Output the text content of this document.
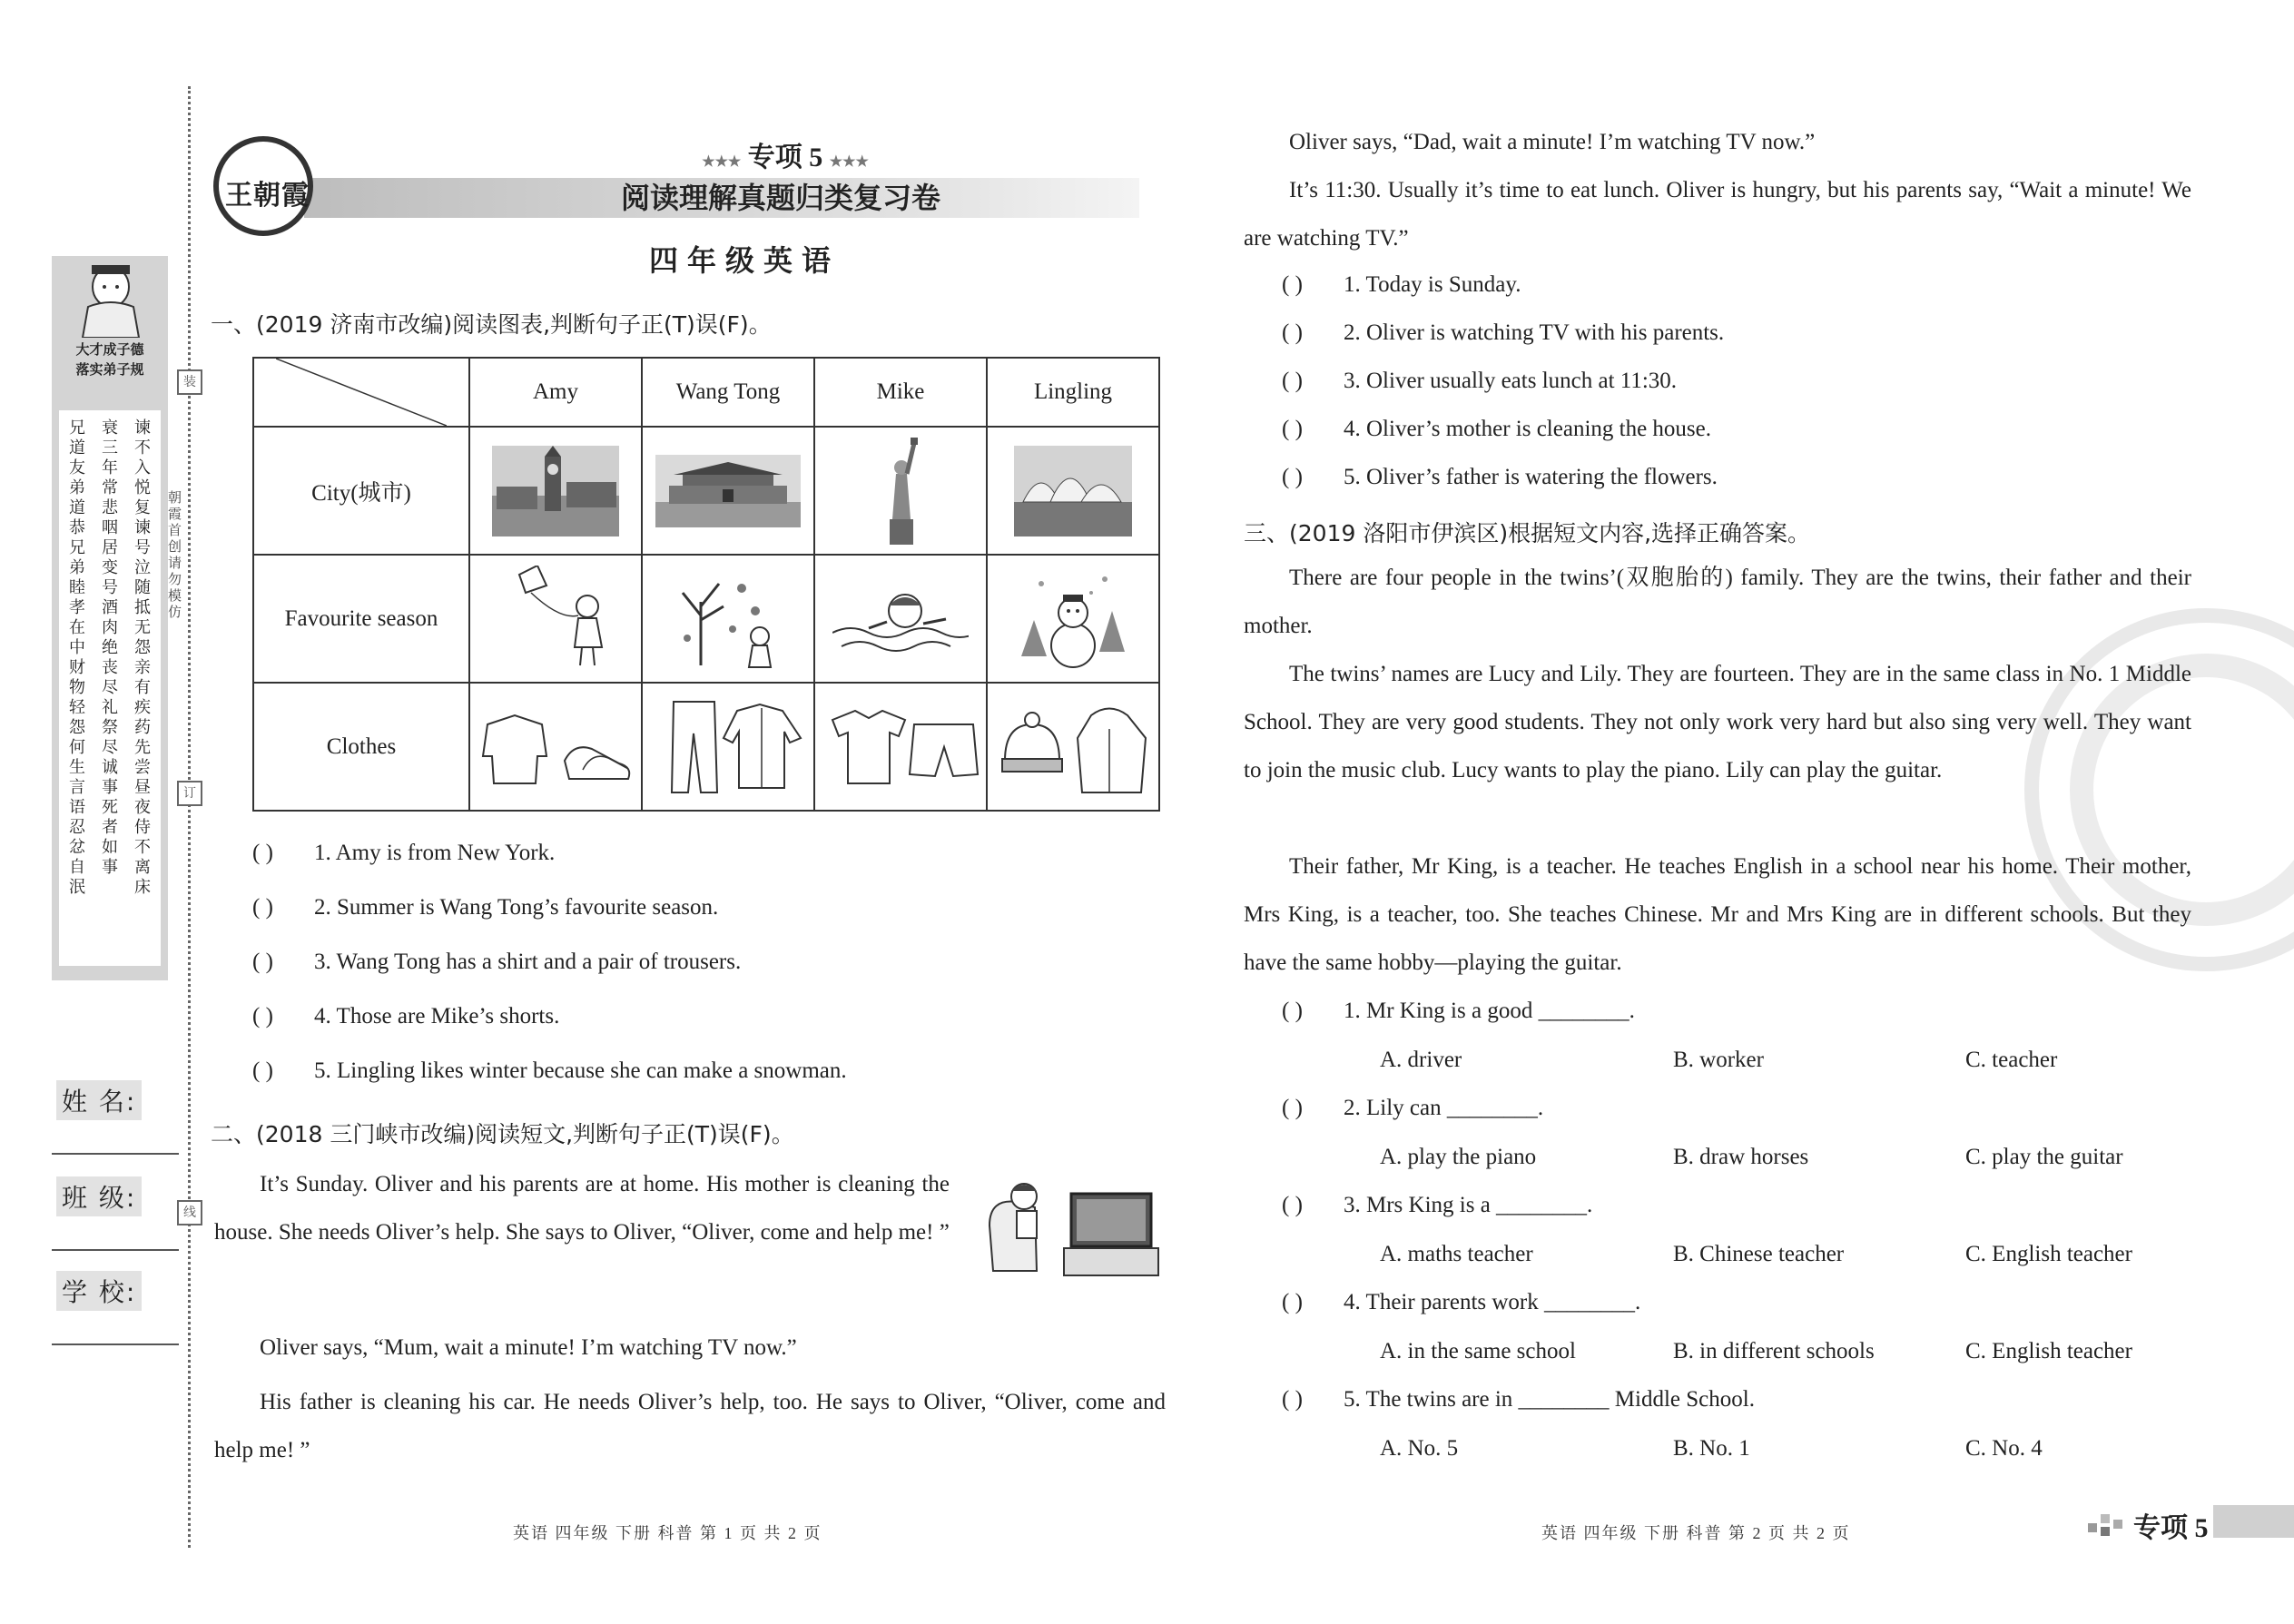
装
订
线
大才成子德
落实弟子规
兄道友弟道恭兄弟睦孝在中财物轻怨何生言语忍忿自泯
衰三年常悲咽居变号酒肉绝丧尽礼祭尽诚事死者如事
谏不入悦复谏号泣随抵无怨亲有疾药先尝昼夜侍不离床
朝霞首创 请勿模仿
姓 名:
班 级:
学 校:
王朝霞
★★★ 专项 5 ★★★
阅读理解真题归类复习卷
四年级英语
一、(2019 济南市改编)阅读图表,判断句子正(T)误(F)。
	Amy	Wang Tong	Mike	Lingling
City(城市)	

Favourite season	

Clothes	

( ) 1. Amy is from New York.
( ) 2. Summer is Wang Tong’s favourite season.
( ) 3. Wang Tong has a shirt and a pair of trousers.
( ) 4. Those are Mike’s shorts.
( ) 5. Lingling likes winter because she can make a snowman.
二、(2018 三门峡市改编)阅读短文,判断句子正(T)误(F)。
It’s Sunday. Oliver and his parents are at home. His mother is cleaning the house. She needs Oliver’s help. She says to Oliver, “Oliver, come and help me! ”
Oliver says, “Mum, wait a minute! I’m watching TV now.”
His father is cleaning his car. He needs Oliver’s help, too. He says to Oliver, “Oliver, come and help me! ”
英语 四年级 下册 科普 第 1 页 共 2 页
Oliver says, “Dad, wait a minute! I’m watching TV now.”
It’s 11:30. Usually it’s time to eat lunch. Oliver is hungry, but his parents say, “Wait a minute! We are watching TV.”
( ) 1. Today is Sunday.
( ) 2. Oliver is watching TV with his parents.
( ) 3. Oliver usually eats lunch at 11:30.
( ) 4. Oliver’s mother is cleaning the house.
( ) 5. Oliver’s father is watering the flowers.
三、(2019 洛阳市伊滨区)根据短文内容,选择正确答案。
There are four people in the twins’(双胞胎的) family. They are the twins, their father and their mother.
The twins’ names are Lucy and Lily. They are fourteen. They are in the same class in No. 1 Middle School. They are very good students. They not only work very hard but also sing very well. They want to join the music club. Lucy wants to play the piano. Lily can play the guitar.
Their father, Mr King, is a teacher. He teaches English in a school near his home. Their mother, Mrs King, is a teacher, too. She teaches Chinese. Mr and Mrs King are in different schools. But they have the same hobby—playing the guitar.
( ) 1. Mr King is a good ________.
A. driver	B. worker	C. teacher
( ) 2. Lily can ________.
A. play the piano	B. draw horses	C. play the guitar
( ) 3. Mrs King is a ________.
A. maths teacher	B. Chinese teacher	C. English teacher
( ) 4. Their parents work ________.
A. in the same school	B. in different schools	C. English teacher
( ) 5. The twins are in ________ Middle School.
A. No. 5	B. No. 1	C. No. 4
英语 四年级 下册 科普 第 2 页 共 2 页	专项 5
